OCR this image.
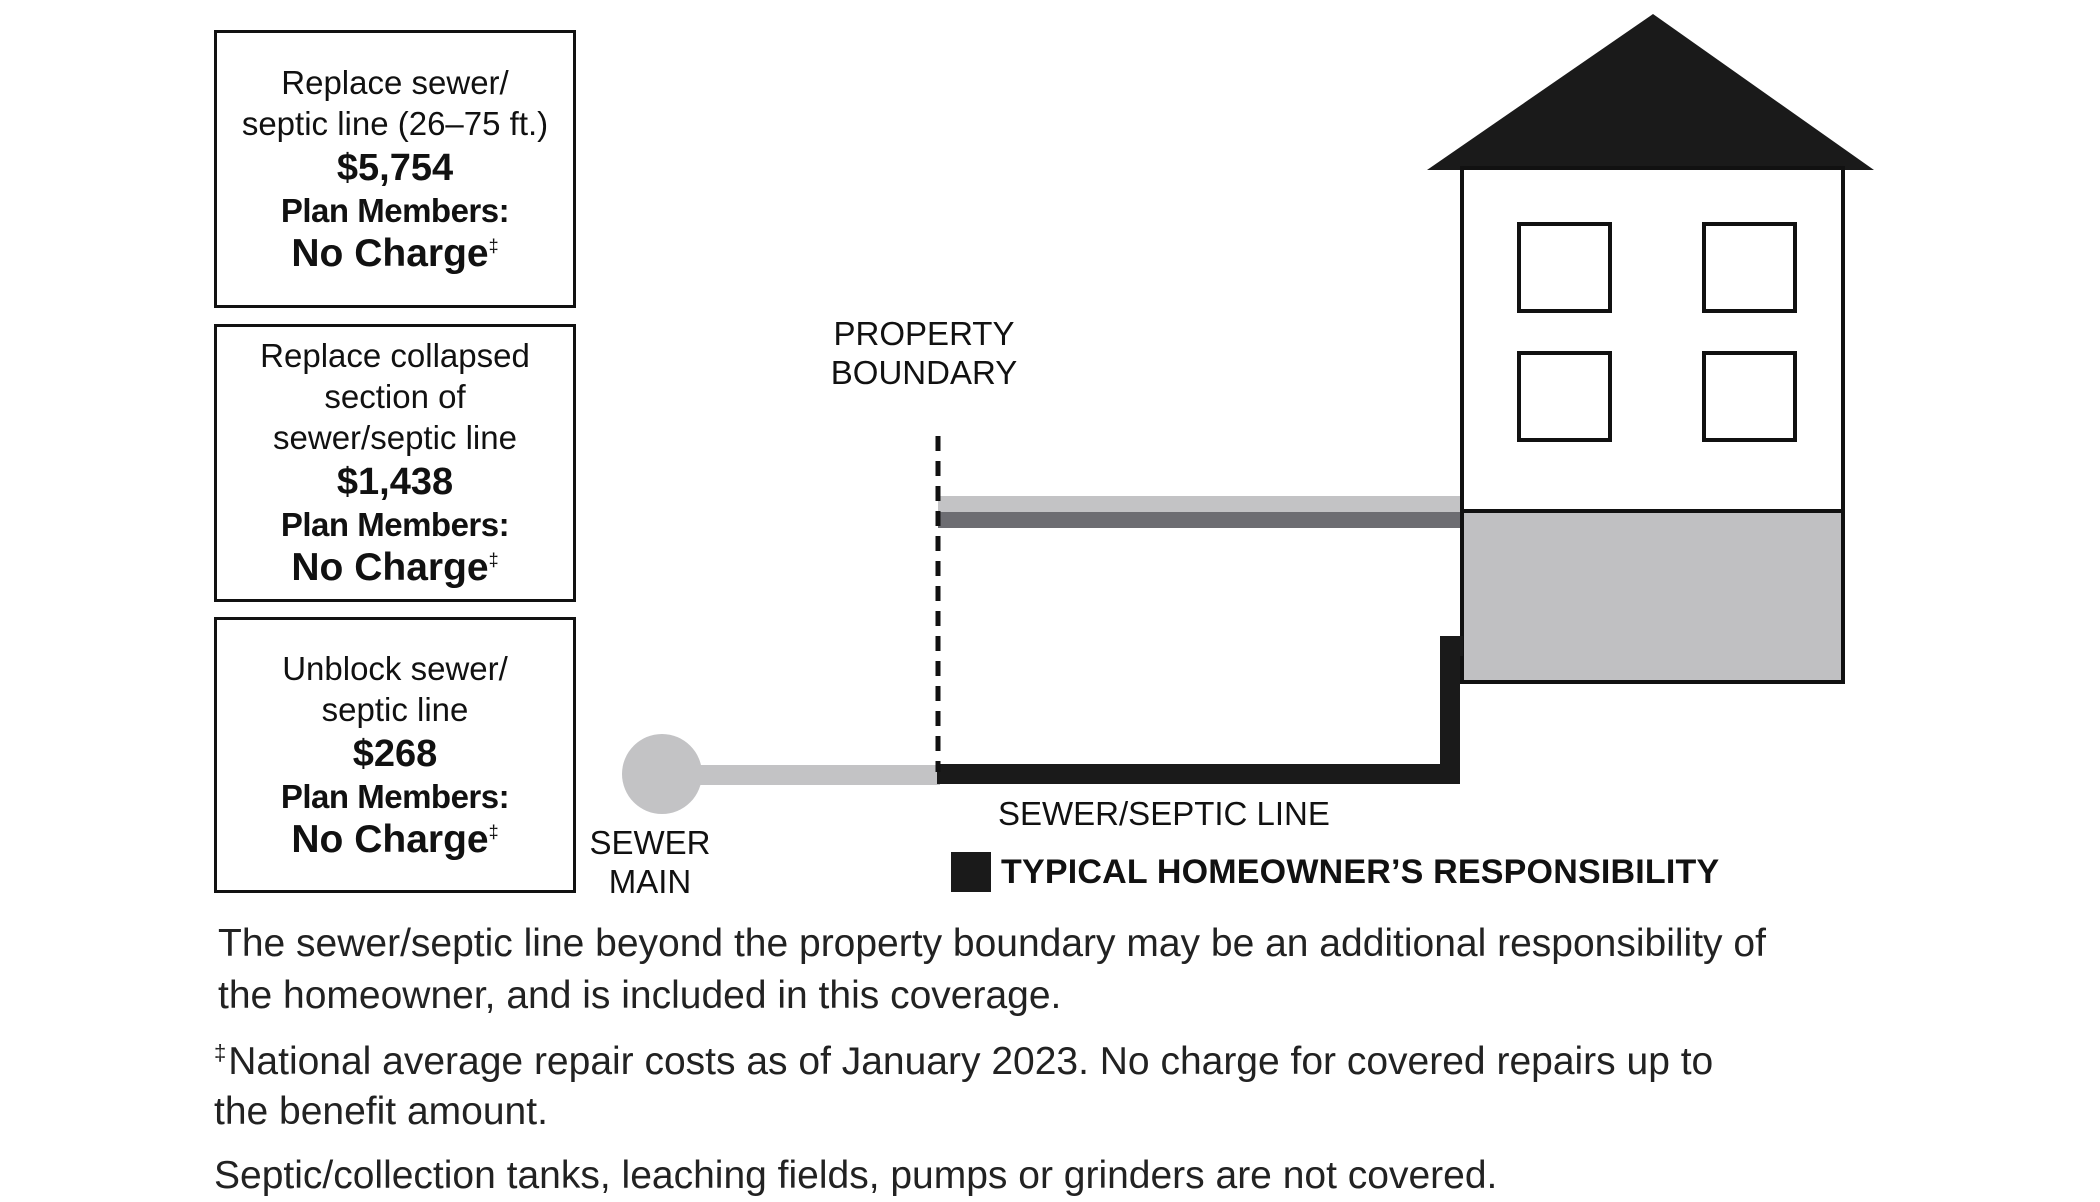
Replace sewer/
septic line (26–75 ft.)
$5,754
Plan Members:
No Charge‡
Replace collapsed
section of
sewer/septic line
$1,438
Plan Members:
No Charge‡
Unblock sewer/
septic line
$268
Plan Members:
No Charge‡
PROPERTY
BOUNDARY
SEWER
MAIN
SEWER/SEPTIC LINE
TYPICAL HOMEOWNER’S RESPONSIBILITY
The sewer/septic line beyond the property boundary may be an additional responsibility of the homeowner, and is included in this coverage.
‡National average repair costs as of January 2023. No charge for covered repairs up to the benefit amount.
Septic/collection tanks, leaching fields, pumps or grinders are not covered.
